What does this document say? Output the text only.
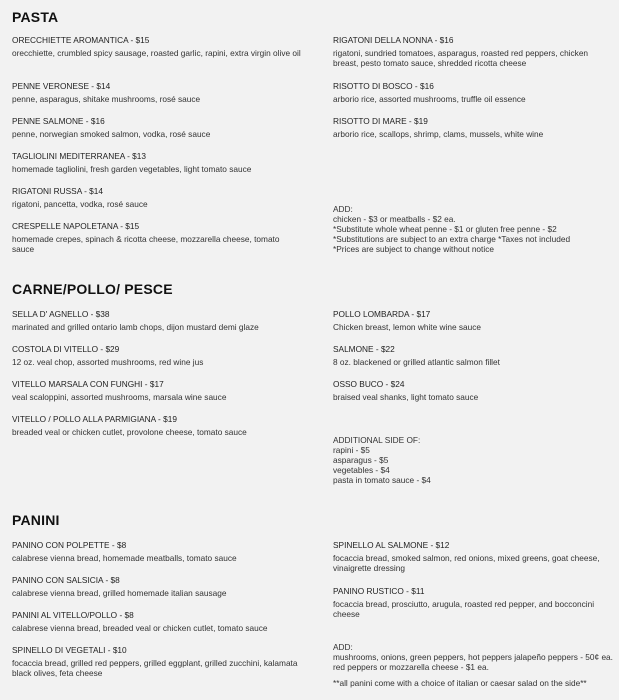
PASTA
ORECCHIETTE AROMANTICA - $15
orecchiette, crumbled spicy sausage, roasted garlic, rapini, extra virgin olive oil
PENNE VERONESE - $14
penne, asparagus, shitake mushrooms, rosé sauce
PENNE SALMONE - $16
penne, norwegian smoked salmon, vodka, rosé sauce
TAGLIOLINI MEDITERRANEA - $13
homemade tagliolini, fresh garden vegetables, light tomato sauce
RIGATONI RUSSA - $14
rigatoni, pancetta, vodka, rosé sauce
CRESPELLE NAPOLETANA - $15
homemade crepes, spinach & ricotta cheese, mozzarella cheese, tomato sauce
RIGATONI DELLA NONNA - $16
rigatoni, sundried tomatoes, asparagus, roasted red peppers, chicken breast, pesto tomato sauce, shredded ricotta cheese
RISOTTO DI BOSCO - $16
arborio rice, assorted mushrooms, truffle oil essence
RISOTTO DI MARE - $19
arborio rice, scallops, shrimp, clams, mussels, white wine
ADD:
chicken - $3 or meatballs - $2 ea.
*Substitute whole wheat penne - $1 or gluten free penne - $2
*Substitutions are subject to an extra charge *Taxes not included
*Prices are subject to change without notice
CARNE/POLLO/ PESCE
SELLA D' AGNELLO - $38
marinated and grilled ontario lamb chops, dijon mustard demi glaze
COSTOLA DI VITELLO - $29
12 oz. veal chop, assorted mushrooms, red wine jus
VITELLO MARSALA CON FUNGHI - $17
veal scaloppini, assorted mushrooms, marsala wine sauce
VITELLO / POLLO ALLA PARMIGIANA - $19
breaded veal or chicken cutlet, provolone cheese, tomato sauce
POLLO LOMBARDA - $17
Chicken breast, lemon white wine sauce
SALMONE - $22
8 oz. blackened or grilled atlantic salmon fillet
OSSO BUCO - $24
braised veal shanks, light tomato sauce
ADDITIONAL SIDE OF:
rapini - $5
asparagus - $5
vegetables - $4
pasta in tomato sauce - $4
PANINI
PANINO CON POLPETTE - $8
calabrese vienna bread, homemade meatballs, tomato sauce
PANINO CON SALSICIA - $8
calabrese vienna bread, grilled homemade italian sausage
PANINI AL VITELLO/POLLO - $8
calabrese vienna bread, breaded veal or chicken cutlet, tomato sauce
SPINELLO DI VEGETALI - $10
focaccia bread, grilled red peppers, grilled eggplant, grilled zucchini, kalamata black olives, feta cheese
SPINELLO AL SALMONE - $12
focaccia bread, smoked salmon, red onions, mixed greens, goat cheese, vinaigrette dressing
PANINO RUSTICO - $11
focaccia bread, prosciutto, arugula, roasted red pepper, and bocconcini cheese
ADD:
mushrooms, onions, green peppers, hot peppers jalapeño peppers - 50¢ ea.
red peppers or mozzarella cheese - $1 ea.
**all panini come with a choice of italian or caesar salad on the side**
